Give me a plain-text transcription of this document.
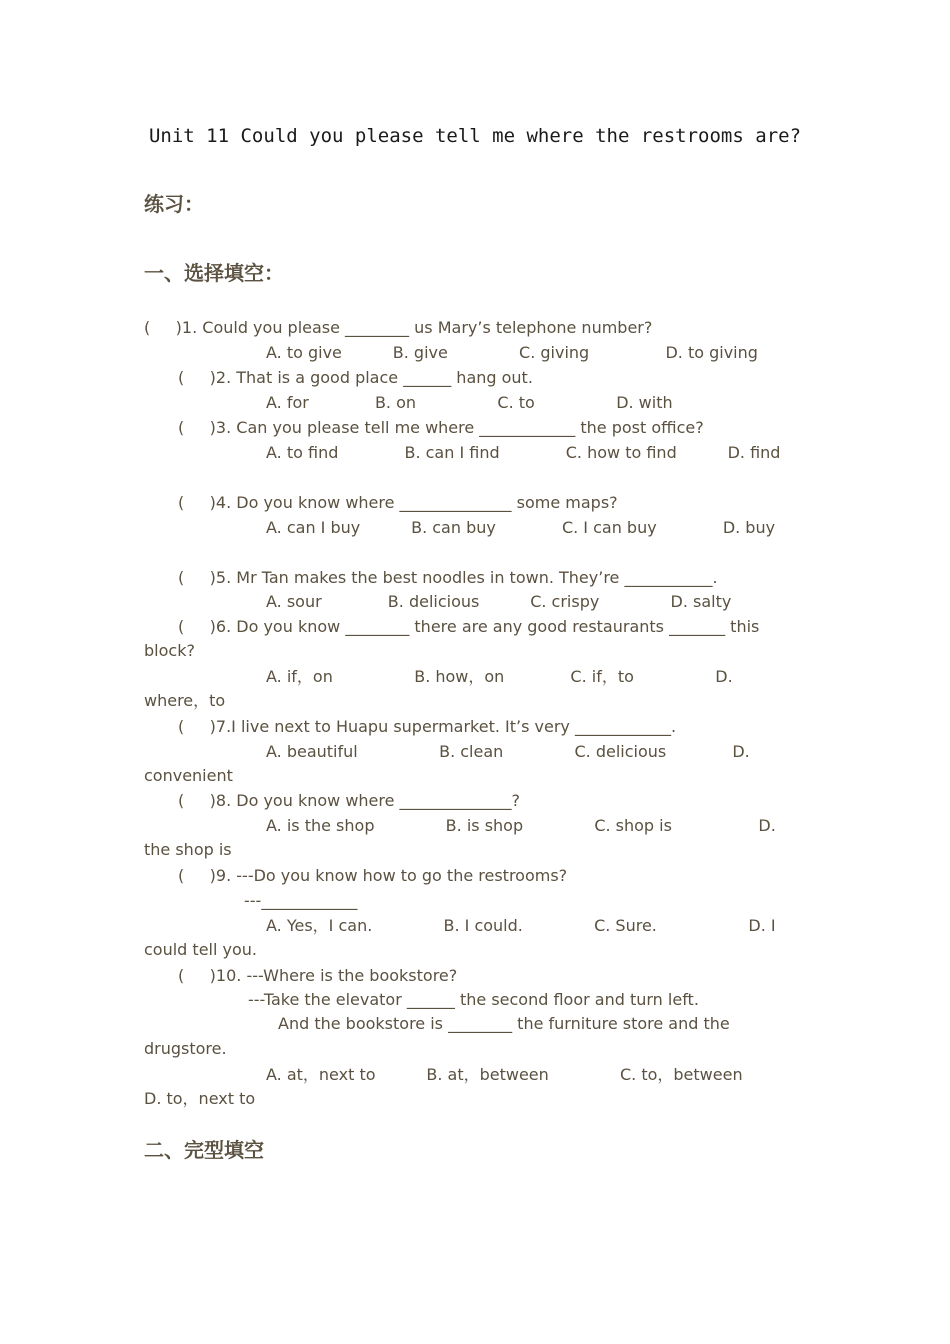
Unit 11 Could you please tell me where the restrooms are?
练习：
一、选择填空：
(     )1. Could you please ________ us Mary’s telephone number?
A. to give          B. give              C. giving               D. to giving
(     )2. That is a good place ______ hang out.
A. for             B. on                C. to                D. with
(     )3. Can you please tell me where ____________ the post office?
A. to find             B. can I find             C. how to find          D. find
(     )4. Do you know where ______________ some maps?
A. can I buy          B. can buy             C. I can buy             D. buy
(     )5. Mr Tan makes the best noodles in town. They’re ___________.
A. sour             B. delicious          C. crispy              D. salty
(     )6. Do you know ________ there are any good restaurants _______ this
block?
A. if，on                B. how，on             C. if，to                D.
where，to
(     )7.I live next to Huapu supermarket. It’s very ____________.
A. beautiful                B. clean              C. delicious             D.
convenient
(     )8. Do you know where ______________?
A. is the shop              B. is shop              C. shop is                 D.
the shop is
(     )9. ---Do you know how to go the restrooms?
---____________
A. Yes，I can.              B. I could.              C. Sure.                  D. I
could tell you.
(     )10. ---Where is the bookstore?
---Take the elevator ______ the second floor and turn left.
And the bookstore is ________ the furniture store and the
drugstore.
A. at，next to          B. at，between              C. to，between
D. to，next to
二、完型填空
